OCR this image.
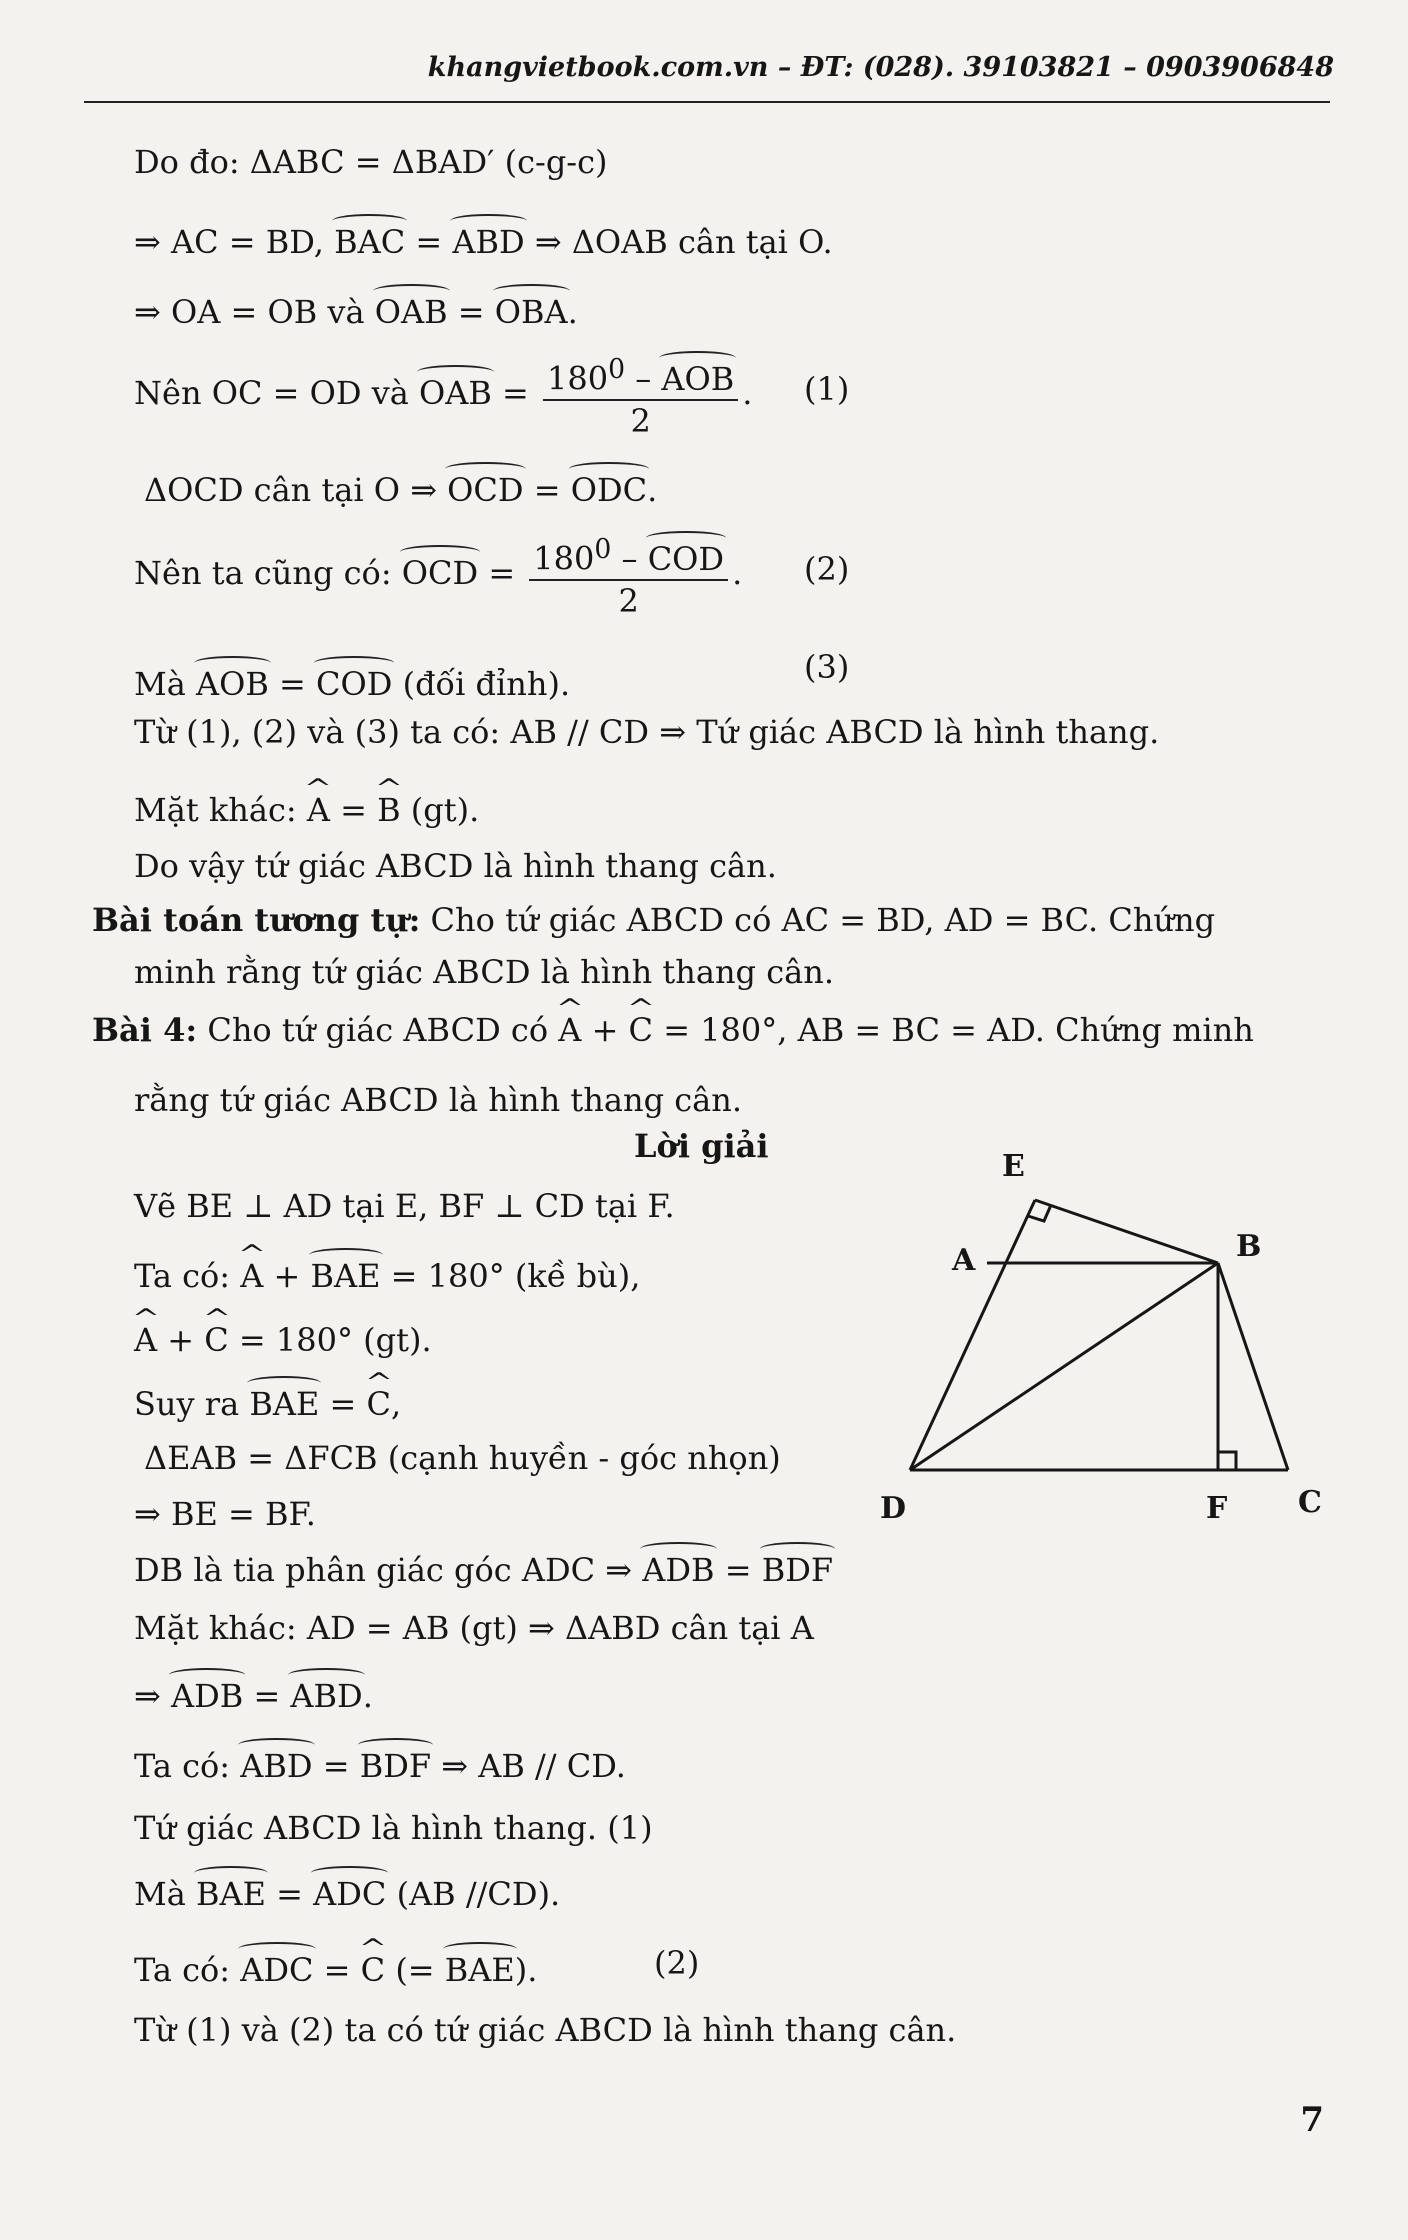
khangvietbook.com.vn – ĐT: (028). 39103821 – 0903906848
Do đo: ΔABC = ΔBAD′ (c-g-c)
⇒ AC = BD, BAC = ABD ⇒ ΔOAB cân tại O.
⇒ OA = OB và OAB = OBA.
Nên OC = OD và OAB = $\frac{180^0 - AOB}{2}$ . (1)
ΔOCD cân tại O ⇒ OCD = ODC.
Nên ta cũng có: OCD = $\frac{180^0 - COD}{2}$ . (2)
Mà AOB = COD (đối đỉnh).	(3)
Từ (1), (2) và (3) ta có: AB // CD ⇒ Tứ giác ABCD là hình thang.
Mặt khác: ^ A = ^ B (gt).
Do vậy tứ giác ABCD là hình thang cân.
Bài toán tương tự: Cho tứ giác ABCD có AC = BD, AD = BC. Chứng
minh rằng tứ giác ABCD là hình thang cân.
Bài 4: Cho tứ giác ABCD có ^ A + ^ C = 180°, AB = BC = AD. Chứng minh
rằng tứ giác ABCD là hình thang cân.
Lời giải
Vẽ BE ⊥ AD tại E, BF ⊥ CD tại F.
Ta có: ^ A + BAE = 180° (kề bù),
^ A + ^ C = 180° (gt).
Suy ra BAE = ^ C,
ΔEAB = ΔFCB (cạnh huyền - góc nhọn)
⇒ BE = BF.
DB là tia phân giác góc ADC ⇒ ADB = BDF
Mặt khác: AD = AB (gt) ⇒ ΔABD cân tại A
⇒ ADB = ABD.
Ta có: ABD = BDF ⇒ AB // CD.
Tứ giác ABCD là hình thang. (1)
Mà BAE = ADC (AB //CD).
Ta có: ADC = ^ C (= BAE).	(2)
Từ (1) và (2) ta có tứ giác ABCD là hình thang cân.
E
A	B
D	F C
7
